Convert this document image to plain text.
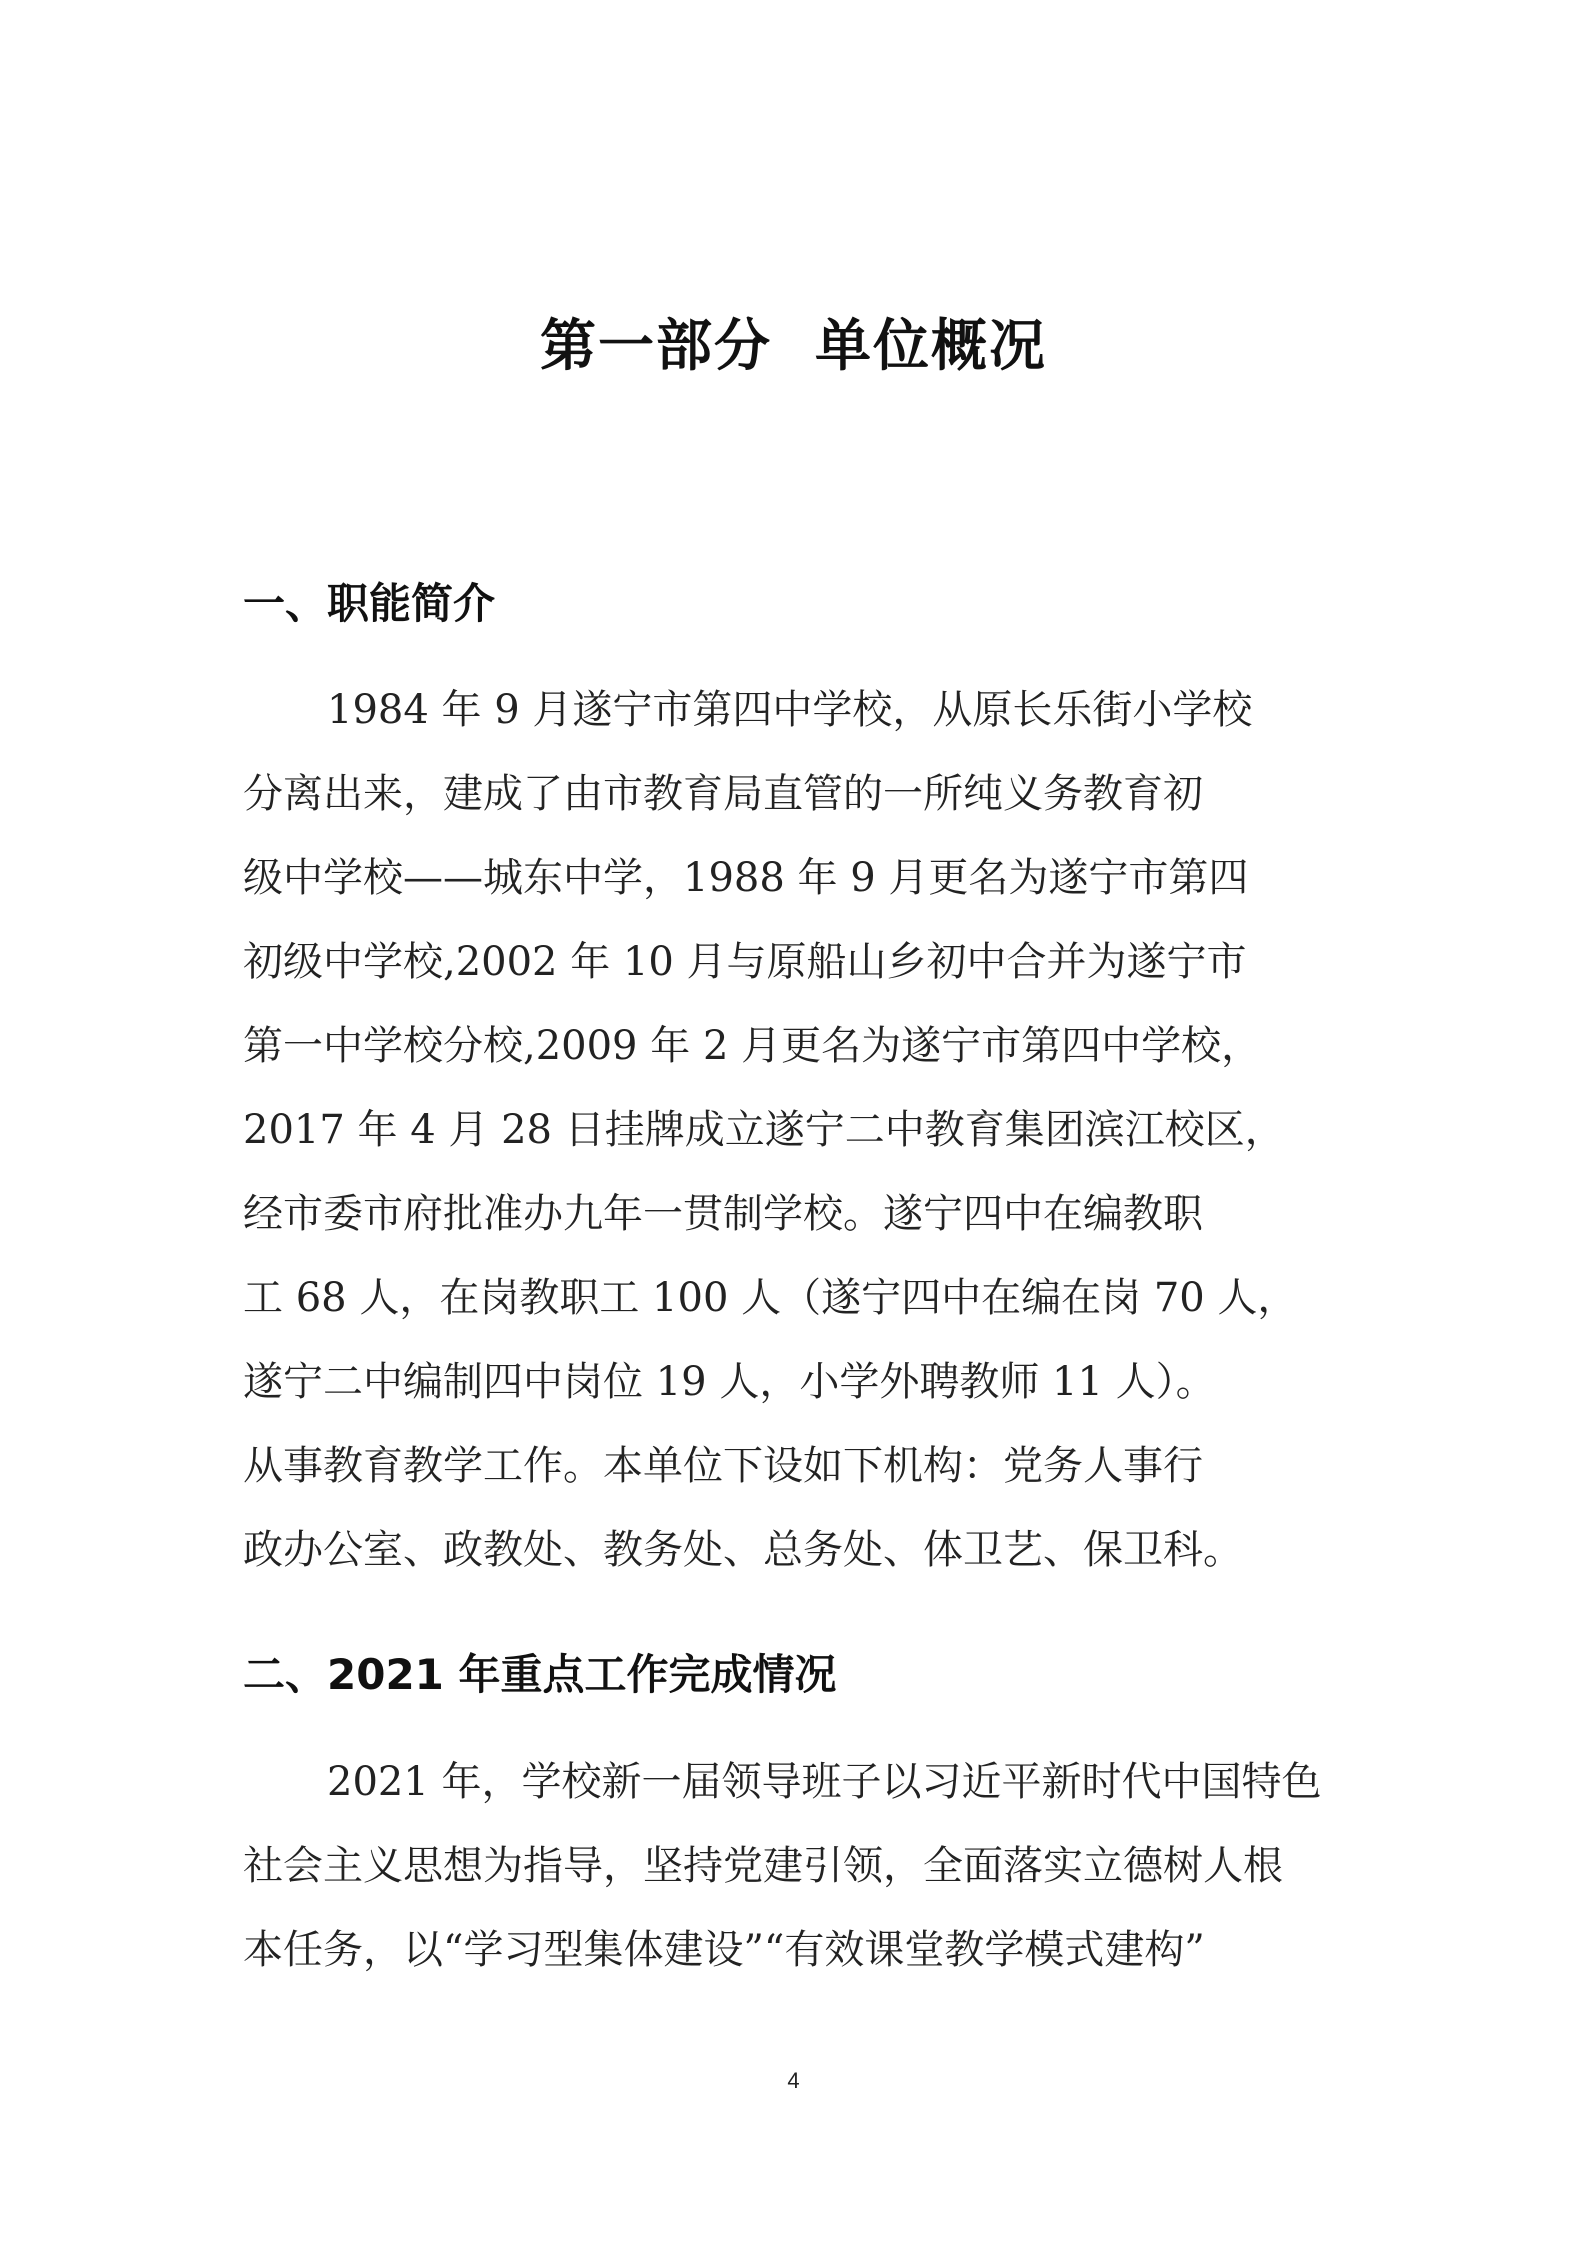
第一部分  单位概况
一、职能简介
1984 年 9 月遂宁市第四中学校，从原长乐街小学校
分离出来，建成了由市教育局直管的一所纯义务教育初
级中学校——城东中学，1988 年 9 月更名为遂宁市第四
初级中学校,2002 年 10 月与原船山乡初中合并为遂宁市
第一中学校分校,2009 年 2 月更名为遂宁市第四中学校，
2017 年 4 月 28 日挂牌成立遂宁二中教育集团滨江校区，
经市委市府批准办九年一贯制学校。遂宁四中在编教职
工 68 人，在岗教职工 100 人（遂宁四中在编在岗 70 人，
遂宁二中编制四中岗位 19 人，小学外聘教师 11 人）。
从事教育教学工作。本单位下设如下机构：党务人事行
政办公室、政教处、教务处、总务处、体卫艺、保卫科。
二、2021 年重点工作完成情况
2021 年，学校新一届领导班子以习近平新时代中国特色
社会主义思想为指导，坚持党建引领，全面落实立德树人根
本任务，以“学习型集体建设”“有效课堂教学模式建构”
4
